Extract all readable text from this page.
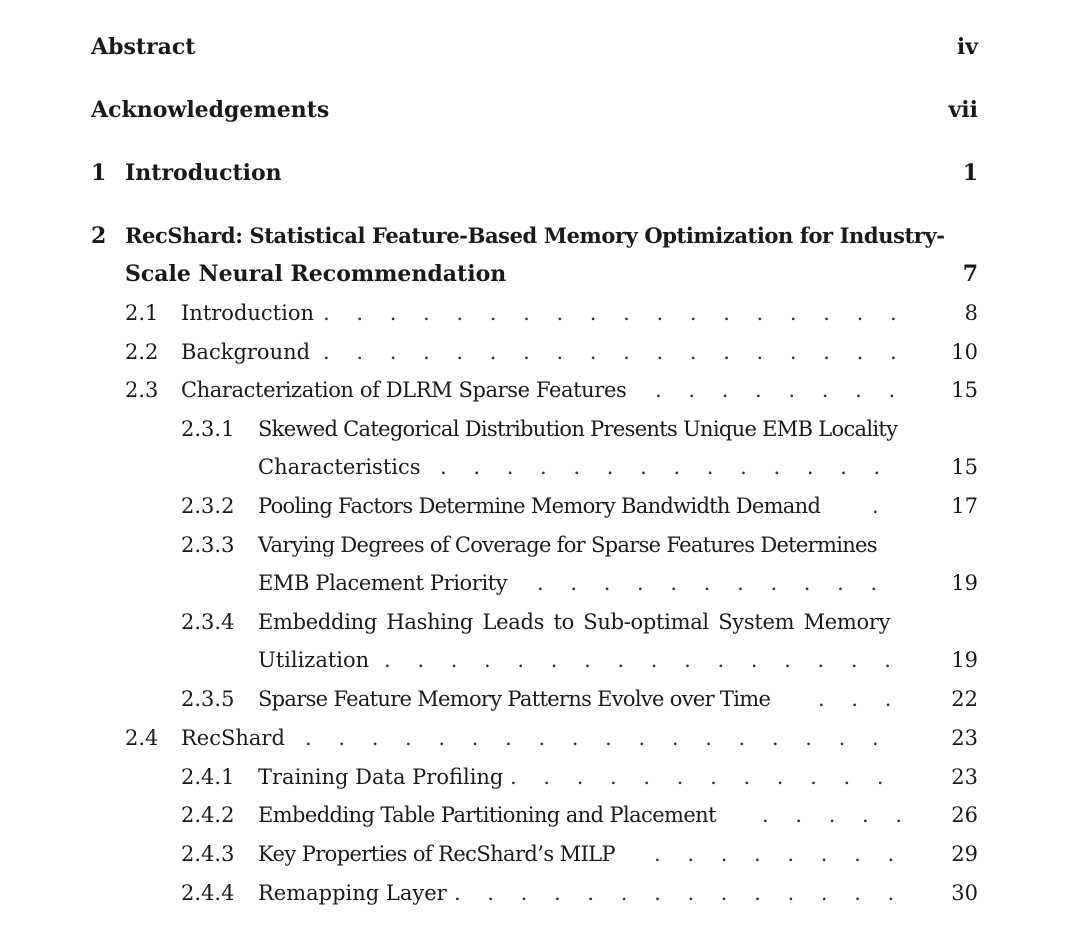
Abstract	iv
Acknowledgements	vii
1 Introduction	1
2 RecShard: Statistical Feature-Based Memory Optimization for Industry-
Scale Neural Recommendation	7
2.1 Introduction . . . . . . . . . . . . . . . . . .	8
2.2 Background . . . . . . . . . . . . . . . . . .	10
2.3 Characterization of DLRM Sparse Features . . . . . . . .	15
2.3.1 Skewed Categorical Distribution Presents Unique EMB Locality
Characteristics . . . . . . . . . . . . . .	15
2.3.2 Pooling Factors Determine Memory Bandwidth Demand .	17
2.3.3 Varying Degrees of Coverage for Sparse Features Determines
EMB Placement Priority . . . . . . . . . . .	19
2.3.4 Embedding Hashing Leads to Sub-optimal System Memory
Utilization . . . . . . . . . . . . . . . .	19
2.3.5 Sparse Feature Memory Patterns Evolve over Time . . .	22
2.4 RecShard . . . . . . . . . . . . . . . . . .	23
2.4.1 Training Data Profiling . . . . . . . . . . . .	23
2.4.2 Embedding Table Partitioning and Placement . . . . .	26
2.4.3 Key Properties of RecShard’s MILP . . . . . . . .	29
2.4.4 Remapping Layer . . . . . . . . . . . . . .	30
